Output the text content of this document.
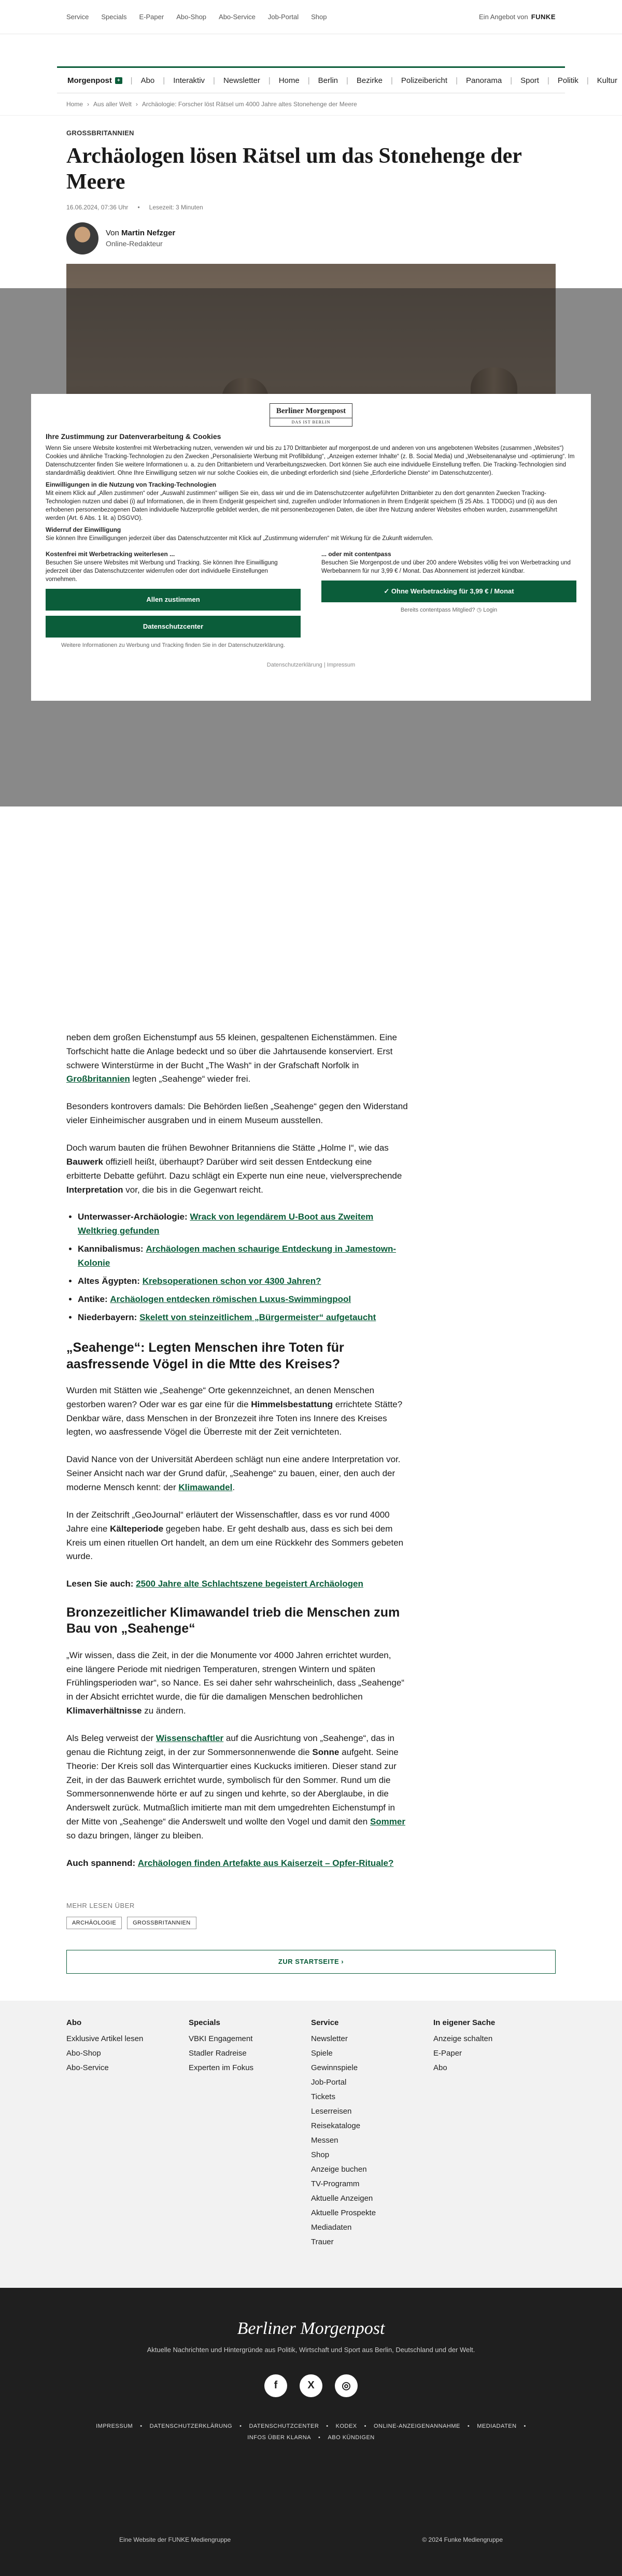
Service Specials E-Paper Abo-Shop Abo-Service Job-Portal Shop	Ein Angebot von FUNKE
Morgenpost	+ | Abo | Interaktiv | Newsletter | Home | Berlin | Bezirke | Polizeibericht | Panorama | Sport | Politik | Kultur
Home › Aus aller Welt › Archäologie: Forscher löst Rätsel um 4000 Jahre altes Stonehenge der Meere
GROSSBRITANNIEN
Archäologen lösen Rätsel um das Stonehenge der Meere
16.06.2024, 07:36 Uhr • Lesezeit: 3 Minuten
Von Martin Nefzger
Online-Redakteur

neben dem großen Eichenstumpf aus 55 kleinen, gespaltenen Eichenstämmen. Eine Torfschicht hatte die Anlage bedeckt und so über die Jahrtausende konserviert. Erst schwere Winterstürme in der Bucht „The Wash“ in der Grafschaft Norfolk in Großbritannien legten „Seahenge“ wieder frei.

Besonders kontrovers damals: Die Behörden ließen „Seahenge“ gegen den Widerstand vieler Einheimischer ausgraben und in einem Museum ausstellen.

Doch warum bauten die frühen Bewohner Britanniens die Stätte „Holme I“, wie das Bauwerk offiziell heißt, überhaupt? Darüber wird seit dessen Entdeckung eine erbitterte Debatte geführt. Dazu schlägt ein Experte nun eine neue, vielversprechende Interpretation vor, die bis in die Gegenwart reicht.

• Unterwasser-Archäologie: Wrack von legendärem U-Boot aus Zweitem Weltkrieg gefunden
• Kannibalismus: Archäologen machen schaurige Entdeckung in Jamestown-Kolonie
• Altes Ägypten: Krebsoperationen schon vor 4300 Jahren?
• Antike: Archäologen entdecken römischen Luxus-Swimmingpool
• Niederbayern: Skelett von steinzeitlichem „Bürgermeister“ aufgetaucht
„Seahenge“: Legten Menschen ihre Toten für aasfressende Vögel in die Mtte des Kreises?

Wurden mit Stätten wie „Seahenge“ Orte gekennzeichnet, an denen Menschen gestorben waren? Oder war es gar eine für die Himmelsbestattung errichtete Stätte? Denkbar wäre, dass Menschen in der Bronzezeit ihre Toten ins Innere des Kreises legten, wo aasfressende Vögel die Überreste mit der Zeit vernichteten.

David Nance von der Universität Aberdeen schlägt nun eine andere Interpretation vor. Seiner Ansicht nach war der Grund dafür, „Seahenge“ zu bauen, einer, den auch der moderne Mensch kennt: der Klimawandel.

In der Zeitschrift „GeoJournal“ erläutert der Wissenschaftler, dass es vor rund 4000 Jahre eine Kälteperiode gegeben habe. Er geht deshalb aus, dass es sich bei dem Kreis um einen rituellen Ort handelt, an dem um eine Rückkehr des Sommers gebeten wurde.

Lesen Sie auch: 2500 Jahre alte Schlachtszene begeistert Archäologen

Bronzezeitlicher Klimawandel trieb die Menschen zum Bau von „Seahenge“

„Wir wissen, dass die Zeit, in der die Monumente vor 4000 Jahren errichtet wurden, eine längere Periode mit niedrigen Temperaturen, strengen Wintern und späten Frühlingsperioden war“, so Nance. Es sei daher sehr wahrscheinlich, dass „Seahenge“ in der Absicht errichtet wurde, die für die damaligen Menschen bedrohlichen Klimaverhältnisse zu ändern.

Als Beleg verweist der Wissenschaftler auf die Ausrichtung von „Seahenge“, das in genau die Richtung zeigt, in der zur Sommersonnenwende die Sonne aufgeht. Seine Theorie: Der Kreis soll das Winterquartier eines Kuckucks imitieren. Dieser stand zur Zeit, in der das Bauwerk errichtet wurde, symbolisch für den Sommer. Rund um die Sommersonnenwende hörte er auf zu singen und kehrte, so der Aberglaube, in die Anderswelt zurück. Mutmaßlich imitierte man mit dem umgedrehten Eichenstumpf in der Mitte von „Seahenge“ die Anderswelt und wollte den Vogel und damit den Sommer so dazu bringen, länger zu bleiben.

Auch spannend: Archäologen finden Artefakte aus Kaiserzeit – Opfer-Rituale?

MEHR LESEN ÜBER
ARCHÄOLOGIE	GROSSBRITANNIEN
ZUR STARTSEITE ›
Abo
Exklusive Artikel lesen
Abo-Shop
Abo-Service
Specials
VBKI Engagement
Stadler Radreise
Experten im Fokus
Service
Newsletter
Spiele
Gewinnspiele
Job-Portal
Tickets
Leserreisen
Reisekataloge
Messen
Shop
Anzeige buchen
TV-Programm
Aktuelle Anzeigen
Aktuelle Prospekte
Mediadaten
Trauer
In eigener Sache
Anzeige schalten
E-Paper
Abo
Berliner Morgenpost
Aktuelle Nachrichten und Hintergründe aus Politik, Wirtschaft und Sport aus Berlin, Deutschland und der Welt.
f	X	◎
IMPRESSUM • DATENSCHUTZERKLÄRUNG • DATENSCHUTZCENTER • KODEX • ONLINE-ANZEIGENANNAHME • MEDIADATEN •
INFOS ÜBER KLARNA • ABO KÜNDIGEN
Eine Website der FUNKE Mediengruppe	© 2024 Funke Mediengruppe
Berliner Morgenpost
DAS IST BERLIN
Ihre Zustimmung zur Datenverarbeitung & Cookies
Wenn Sie unsere Website kostenfrei mit Werbetracking nutzen, verwenden wir und bis zu 170 Drittanbieter auf morgenpost.de und anderen von uns angebotenen Websites (zusammen „Websites“) Cookies und ähnliche Tracking-Technologien zu den Zwecken „Personalisierte Werbung mit Profilbildung“, „Anzeigen externer Inhalte“ (z. B. Social Media) und „Webseitenanalyse und -optimierung“. Im Datenschutzcenter finden Sie weitere Informationen u. a. zu den Drittanbietern und Verarbeitungszwecken. Dort können Sie auch eine individuelle Einstellung treffen. Die Tracking-Technologien sind standardmäßig deaktiviert. Ohne Ihre Einwilligung setzen wir nur solche Cookies ein, die unbedingt erforderlich sind (siehe „Erforderliche Dienste“ im Datenschutzcenter).
Einwilligungen in die Nutzung von Tracking-Technologien
Mit einem Klick auf „Allen zustimmen“ oder „Auswahl zustimmen“ willigen Sie ein, dass wir und die im Datenschutzcenter aufgeführten Drittanbieter zu den dort genannten Zwecken Tracking-Technologien nutzen und dabei (i) auf Informationen, die in Ihrem Endgerät gespeichert sind, zugreifen und/oder Informationen in Ihrem Endgerät speichern (§ 25 Abs. 1 TDDDG) und (ii) aus den erhobenen personenbezogenen Daten individuelle Nutzerprofile gebildet werden, die mit personenbezogenen Daten, die über Ihre Nutzung anderer Websites erhoben wurden, zusammengeführt werden (Art. 6 Abs. 1 lit. a) DSGVO).
Widerruf der Einwilligung
Sie können Ihre Einwilligungen jederzeit über das Datenschutzcenter mit Klick auf „Zustimmung widerrufen“ mit Wirkung für die Zukunft widerrufen.
Kostenfrei mit Werbetracking weiterlesen ...
Besuchen Sie unsere Websites mit Werbung und Tracking. Sie können Ihre Einwilligung jederzeit über das Datenschutzcenter widerrufen oder dort individuelle Einstellungen vornehmen.
Allen zustimmen
Datenschutzcenter
Weitere Informationen zu Werbung und Tracking finden Sie in der Datenschutzerklärung.
... oder mit contentpass
Besuchen Sie Morgenpost.de und über 200 andere Websites völlig frei von Werbetracking und Werbebannern für nur 3,99 € / Monat. Das Abonnement ist jederzeit kündbar.
✓ Ohne Werbetracking für 3,99 € / Monat
Bereits contentpass Mitglied? ◷ Login
Datenschutzerklärung | Impressum
